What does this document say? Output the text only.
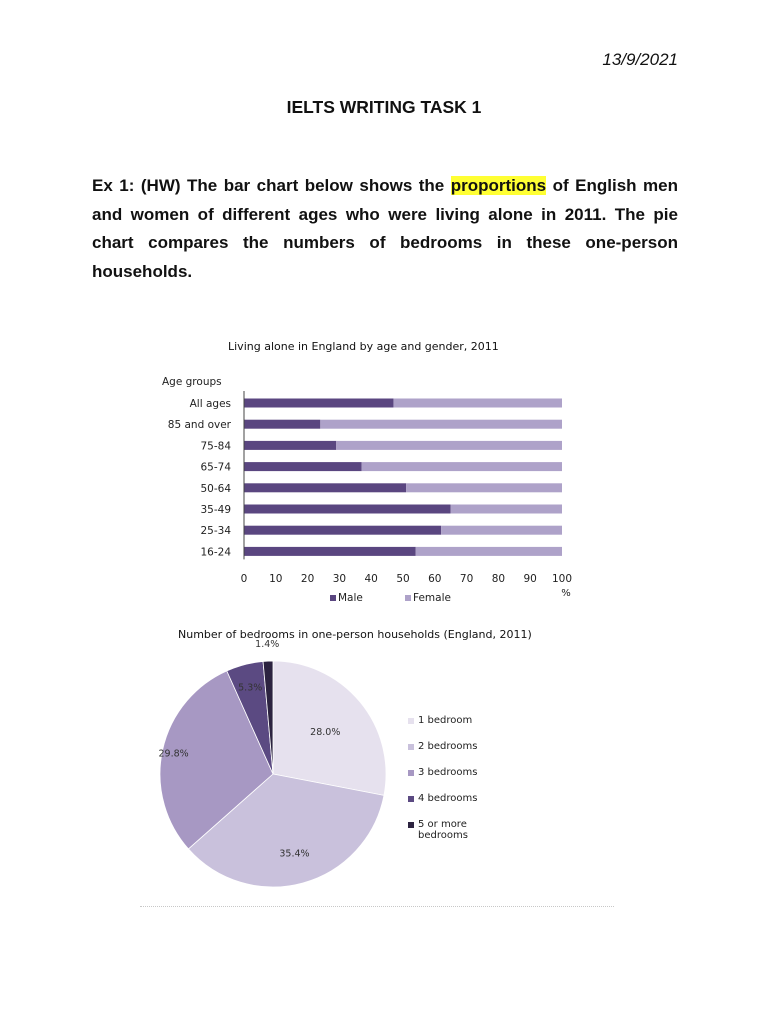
13/9/2021
IELTS WRITING TASK 1
Ex 1: (HW) The bar chart below shows the proportions of English men and women of different ages who were living alone in 2011. The pie chart compares the numbers of bedrooms in these one-person households.
Living alone in England by age and gender, 2011
Age groups
All ages
85 and over
75-84
65-74
50-64
35-49
25-34
16-24
0 10 20 30 40 50 60 70 80 90 100
%
Male	Female
Number of bedrooms in one-person households (England, 2011)
28.0%
35.4%
29.8%
5.3%
1.4%
1 bedroom
2 bedrooms
3 bedrooms
4 bedrooms
5 or more bedrooms
